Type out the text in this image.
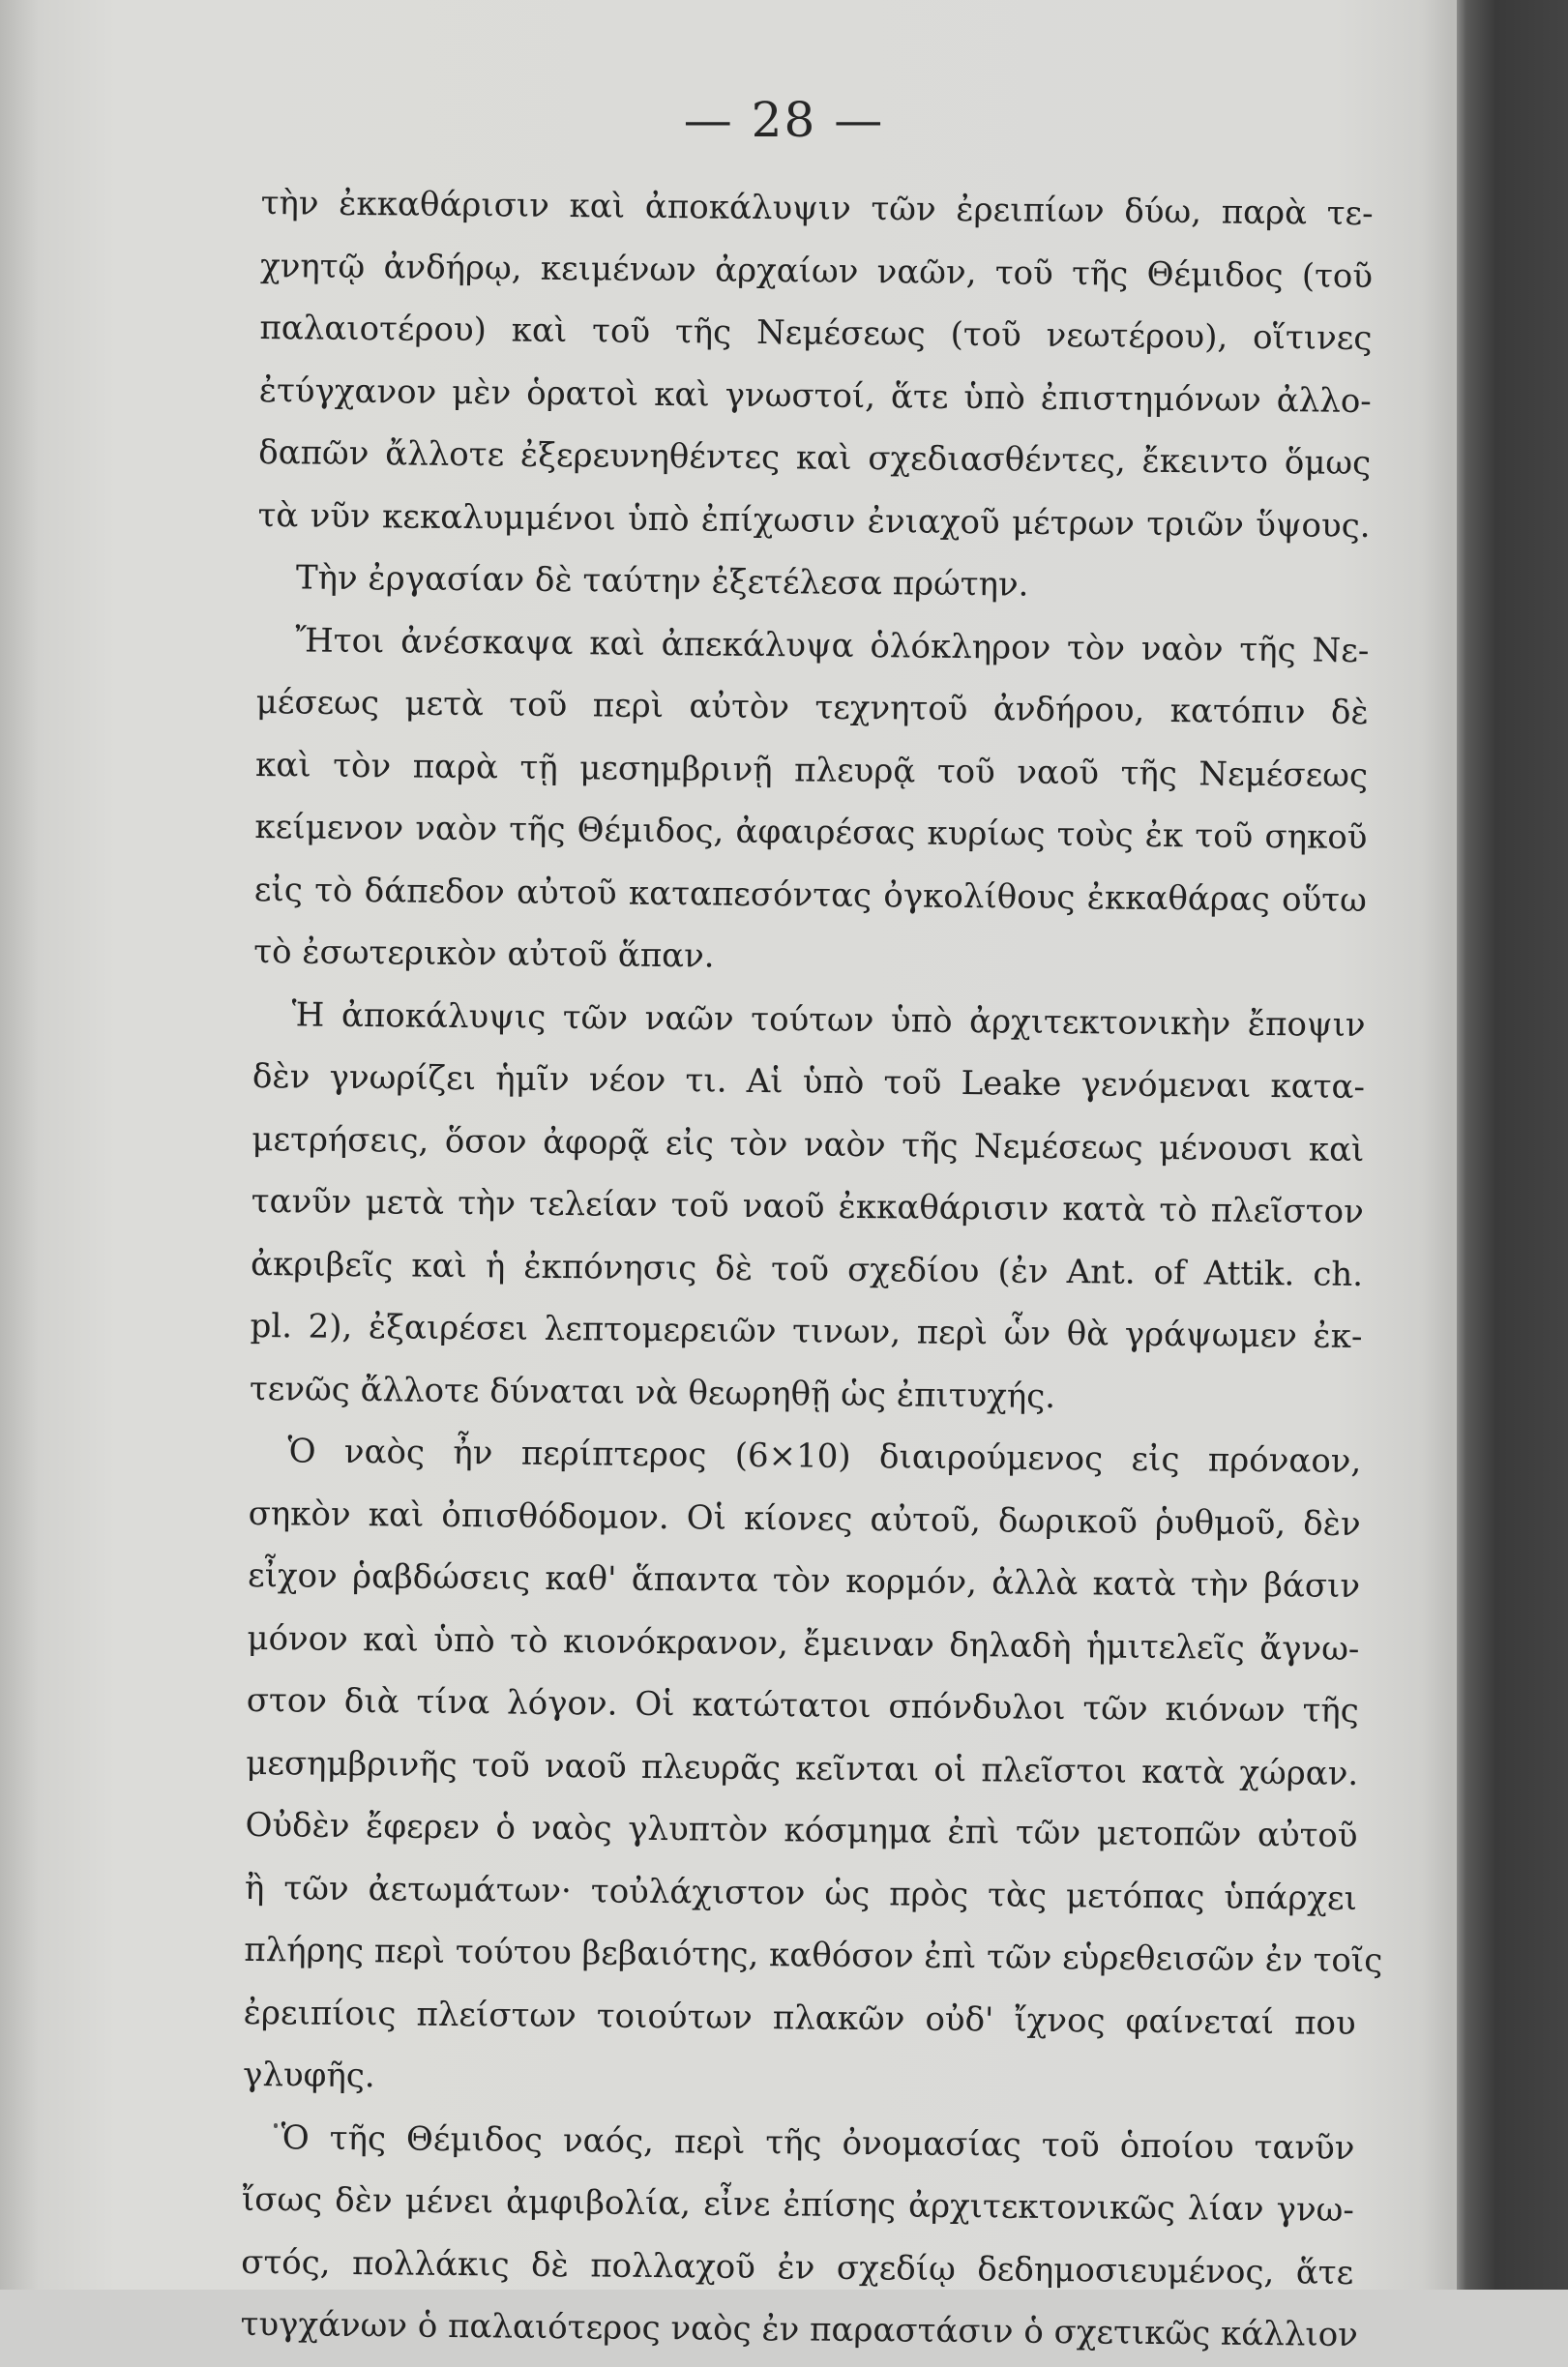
— 28 —
τὴν ἐκκαθάρισιν καὶ ἀποκάλυψιν τῶν ἐρειπίων δύω, παρὰ τε-
χνητῷ ἀνδήρῳ, κειμένων ἀρχαίων ναῶν, τοῦ τῆς Θέμιδος (τοῦ
παλαιοτέρου) καὶ τοῦ τῆς Νεμέσεως (τοῦ νεωτέρου), οἵτινες
ἐτύγχανον μὲν ὁρατοὶ καὶ γνωστοί, ἅτε ὑπὸ ἐπιστημόνων ἀλλο-
δαπῶν ἄλλοτε ἐξερευνηθέντες καὶ σχεδιασθέντες, ἔκειντο ὅμως
τὰ νῦν κεκαλυμμένοι ὑπὸ ἐπίχωσιν ἐνιαχοῦ μέτρων τριῶν ὕψους.
Τὴν ἐργασίαν δὲ ταύτην ἐξετέλεσα πρώτην.
Ἤτοι ἀνέσκαψα καὶ ἀπεκάλυψα ὁλόκληρον τὸν ναὸν τῆς Νε-
μέσεως μετὰ τοῦ περὶ αὐτὸν τεχνητοῦ ἀνδήρου, κατόπιν δὲ
καὶ τὸν παρὰ τῇ μεσημβρινῇ πλευρᾷ τοῦ ναοῦ τῆς Νεμέσεως
κείμενον ναὸν τῆς Θέμιδος, ἀφαιρέσας κυρίως τοὺς ἐκ τοῦ σηκοῦ
εἰς τὸ δάπεδον αὐτοῦ καταπεσόντας ὀγκολίθους ἐκκαθάρας οὕτω
τὸ ἐσωτερικὸν αὐτοῦ ἅπαν.
Ἡ ἀποκάλυψις τῶν ναῶν τούτων ὑπὸ ἀρχιτεκτονικὴν ἔποψιν
δὲν γνωρίζει ἡμῖν νέον τι. Αἱ ὑπὸ τοῦ Leake γενόμεναι κατα-
μετρήσεις, ὅσον ἀφορᾷ εἰς τὸν ναὸν τῆς Νεμέσεως μένουσι καὶ
τανῦν μετὰ τὴν τελείαν τοῦ ναοῦ ἐκκαθάρισιν κατὰ τὸ πλεῖστον
ἀκριβεῖς καὶ ἡ ἐκπόνησις δὲ τοῦ σχεδίου (ἐν Ant. of Attik. ch.
pl. 2), ἐξαιρέσει λεπτομερειῶν τινων, περὶ ὧν θὰ γράψωμεν ἐκ-
τενῶς ἄλλοτε δύναται νὰ θεωρηθῇ ὡς ἐπιτυχής.
Ὁ ναὸς ἦν περίπτερος (6×10) διαιρούμενος εἰς πρόναον,
σηκὸν καὶ ὀπισθόδομον. Οἱ κίονες αὐτοῦ, δωρικοῦ ῥυθμοῦ, δὲν
εἶχον ῥαβδώσεις καθ' ἅπαντα τὸν κορμόν, ἀλλὰ κατὰ τὴν βάσιν
μόνον καὶ ὑπὸ τὸ κιονόκρανον, ἔμειναν δηλαδὴ ἡμιτελεῖς ἄγνω-
στον διὰ τίνα λόγον. Οἱ κατώτατοι σπόνδυλοι τῶν κιόνων τῆς
μεσημβρινῆς τοῦ ναοῦ πλευρᾶς κεῖνται οἱ πλεῖστοι κατὰ χώραν.
Οὐδὲν ἔφερεν ὁ ναὸς γλυπτὸν κόσμημα ἐπὶ τῶν μετοπῶν αὐτοῦ
ἢ τῶν ἀετωμάτων· τοὐλάχιστον ὡς πρὸς τὰς μετόπας ὑπάρχει
πλήρης περὶ τούτου βεβαιότης, καθόσον ἐπὶ τῶν εὑρεθεισῶν ἐν τοῖς
ἐρειπίοις πλείστων τοιούτων πλακῶν οὐδ' ἴχνος φαίνεταί που
γλυφῆς.
Ὁ τῆς Θέμιδος ναός, περὶ τῆς ὀνομασίας τοῦ ὁποίου τανῦν
ἴσως δὲν μένει ἀμφιβολία, εἶνε ἐπίσης ἀρχιτεκτονικῶς λίαν γνω-
στός, πολλάκις δὲ πολλαχοῦ ἐν σχεδίῳ δεδημοσιευμένος, ἅτε
τυγχάνων ὁ παλαιότερος ναὸς ἐν παραστάσιν ὁ σχετικῶς κάλλιον
